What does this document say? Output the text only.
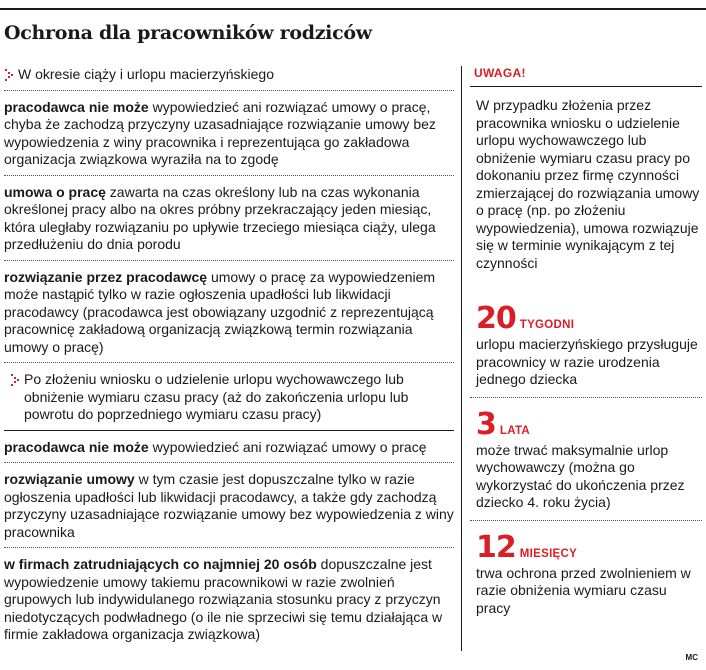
Ochrona dla pracowników rodziców
W okresie ciąży i urlopu macierzyńskiego
pracodawca nie może wypowiedzieć ani rozwiązać umowy o pracę, chyba że zachodzą przyczyny uzasadniające rozwiązanie umowy bez wypowiedzenia z winy pracownika i reprezentująca go zakładowa organizacja związkowa wyraziła na to zgodę
umowa o pracę zawarta na czas określony lub na czas wykonania określonej pracy albo na okres próbny przekraczający jeden miesiąc, która uległaby rozwiązaniu po upływie trzeciego miesiąca ciąży, ulega przedłużeniu do dnia porodu
rozwiązanie przez pracodawcę umowy o pracę za wypowiedzeniem może nastąpić tylko w razie ogłoszenia upadłości lub likwidacji pracodawcy (pracodawca jest obowiązany uzgodnić z reprezentującą pracownicę zakładową organizacją związkową termin rozwiązania umowy o pracę)
Po złożeniu wniosku o udzielenie urlopu wychowawczego lub obniżenie wymiaru czasu pracy (aż do zakończenia urlopu lub powrotu do poprzedniego wymiaru czasu pracy)
pracodawca nie może wypowiedzieć ani rozwiązać umowy o pracę
rozwiązanie umowy w tym czasie jest dopuszczalne tylko w razie ogłoszenia upadłości lub likwidacji pracodawcy, a także gdy zachodzą przyczyny uzasadniające rozwiązanie umowy bez wypowiedzenia z winy pracownika
w firmach zatrudniających co najmniej 20 osób dopuszczalne jest wypowiedzenie umowy takiemu pracownikowi w razie zwolnień grupowych lub indywidulanego rozwiązania stosunku pracy z przyczyn niedotyczących podwładnego (o ile nie sprzeciwi się temu działająca w firmie zakładowa organizacja związkowa)
UWAGA!
W przypadku złożenia przez pracownika wniosku o udzielenie urlopu wychowawczego lub obniżenie wymiaru czasu pracy po dokonaniu przez firmę czynności zmierzającej do rozwiązania umowy o pracę (np. po złożeniu wypowiedzenia), umowa rozwiązuje się w terminie wynikającym z tej czynności
20 TYGODNI
urlopu macierzyńskiego przysługuje pracownicy w razie urodzenia jednego dziecka
3 LATA
może trwać maksymalnie urlop wychowawczy (można go wykorzystać do ukończenia przez dziecko 4. roku życia)
12 MIESIĘCY
trwa ochrona przed zwolnieniem w razie obniżenia wymiaru czasu pracy
MC
